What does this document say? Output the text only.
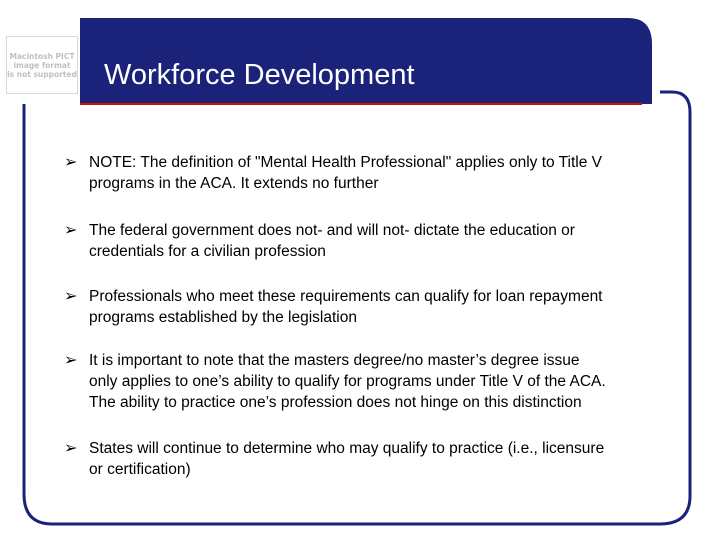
Macintosh PICT
image format
is not supported Workforce Development
➢ NOTE: The definition of "Mental Health Professional" applies only to Title V
programs in the ACA. It extends no further
➢ The federal government does not- and will not- dictate the education or
credentials for a civilian profession
➢ Professionals who meet these requirements can qualify for loan repayment
programs established by the legislation
➢ It is important to note that the masters degree/no master’s degree issue
only applies to one’s ability to qualify for programs under Title V of the ACA.
The ability to practice one’s profession does not hinge on this distinction
➢ States will continue to determine who may qualify to practice (i.e., licensure
or certification)
